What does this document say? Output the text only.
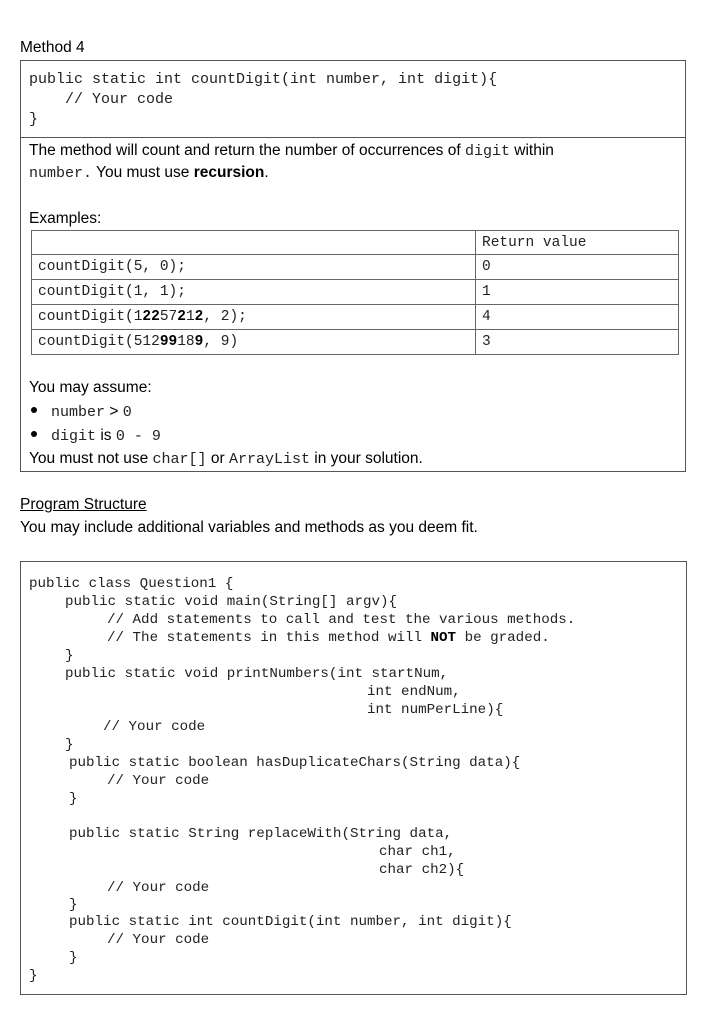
Method 4
public static int countDigit(int number, int digit){
// Your code
}
The method will count and return the number of occurrences of digit within
number. You must use recursion.
Examples:
	Return value
countDigit(5, 0);	0
countDigit(1, 1);	1
countDigit(12257212, 2);	4
countDigit(51299189, 9)	3
You may assume:
number > 0
digit is 0 - 9
You must not use char[] or ArrayList in your solution.
Program Structure
You may include additional variables and methods as you deem fit.
public class Question1 {
public static void main(String[] argv){
// Add statements to call and test the various methods.
// The statements in this method will NOT be graded.
}
public static void printNumbers(int startNum,
int endNum,
int numPerLine){
// Your code
}
public static boolean hasDuplicateChars(String data){
// Your code
}
public static String replaceWith(String data,
char ch1,
char ch2){
// Your code
}
public static int countDigit(int number, int digit){
// Your code
}
}
